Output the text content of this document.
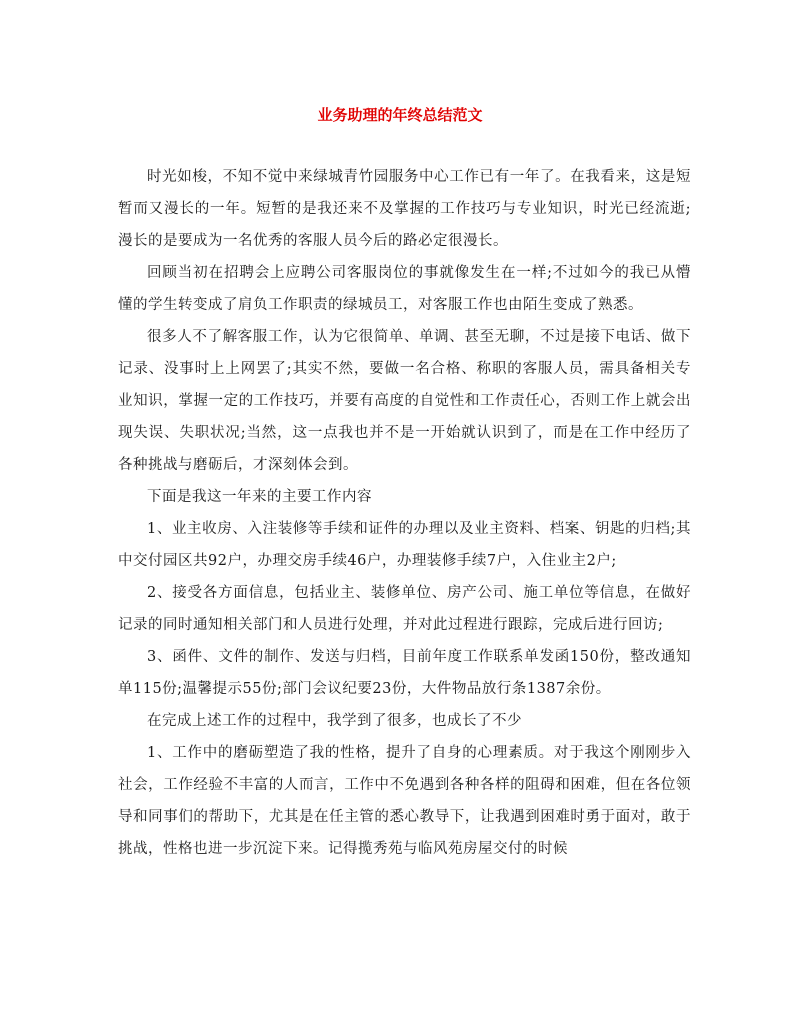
业务助理的年终总结范文

时光如梭，不知不觉中来绿城青竹园服务中心工作已有一年了。在我看来，这是短暂而又漫长的一年。短暂的是我还来不及掌握的工作技巧与专业知识，时光已经流逝;漫长的是要成为一名优秀的客服人员今后的路必定很漫长。

回顾当初在招聘会上应聘公司客服岗位的事就像发生在一样;不过如今的我已从懵懂的学生转变成了肩负工作职责的绿城员工，对客服工作也由陌生变成了熟悉。

很多人不了解客服工作，认为它很简单、单调、甚至无聊，不过是接下电话、做下记录、没事时上上网罢了;其实不然，要做一名合格、称职的客服人员，需具备相关专业知识，掌握一定的工作技巧，并要有高度的自觉性和工作责任心，否则工作上就会出现失误、失职状况;当然，这一点我也并不是一开始就认识到了，而是在工作中经历了各种挑战与磨砺后，才深刻体会到。

下面是我这一年来的主要工作内容

1、业主收房、入注装修等手续和证件的办理以及业主资料、档案、钥匙的归档;其中交付园区共92户，办理交房手续46户，办理装修手续7户，入住业主2户;

2、接受各方面信息，包括业主、装修单位、房产公司、施工单位等信息，在做好记录的同时通知相关部门和人员进行处理，并对此过程进行跟踪，完成后进行回访;

3、函件、文件的制作、发送与归档，目前年度工作联系单发函150份，整改通知单115份;温馨提示55份;部门会议纪要23份，大件物品放行条1387余份。

在完成上述工作的过程中，我学到了很多，也成长了不少

1、工作中的磨砺塑造了我的性格，提升了自身的心理素质。对于我这个刚刚步入社会，工作经验不丰富的人而言，工作中不免遇到各种各样的阻碍和困难，但在各位领导和同事们的帮助下，尤其是在任主管的悉心教导下，让我遇到困难时勇于面对，敢于挑战，性格也进一步沉淀下来。记得揽秀苑与临风苑房屋交付的时候
